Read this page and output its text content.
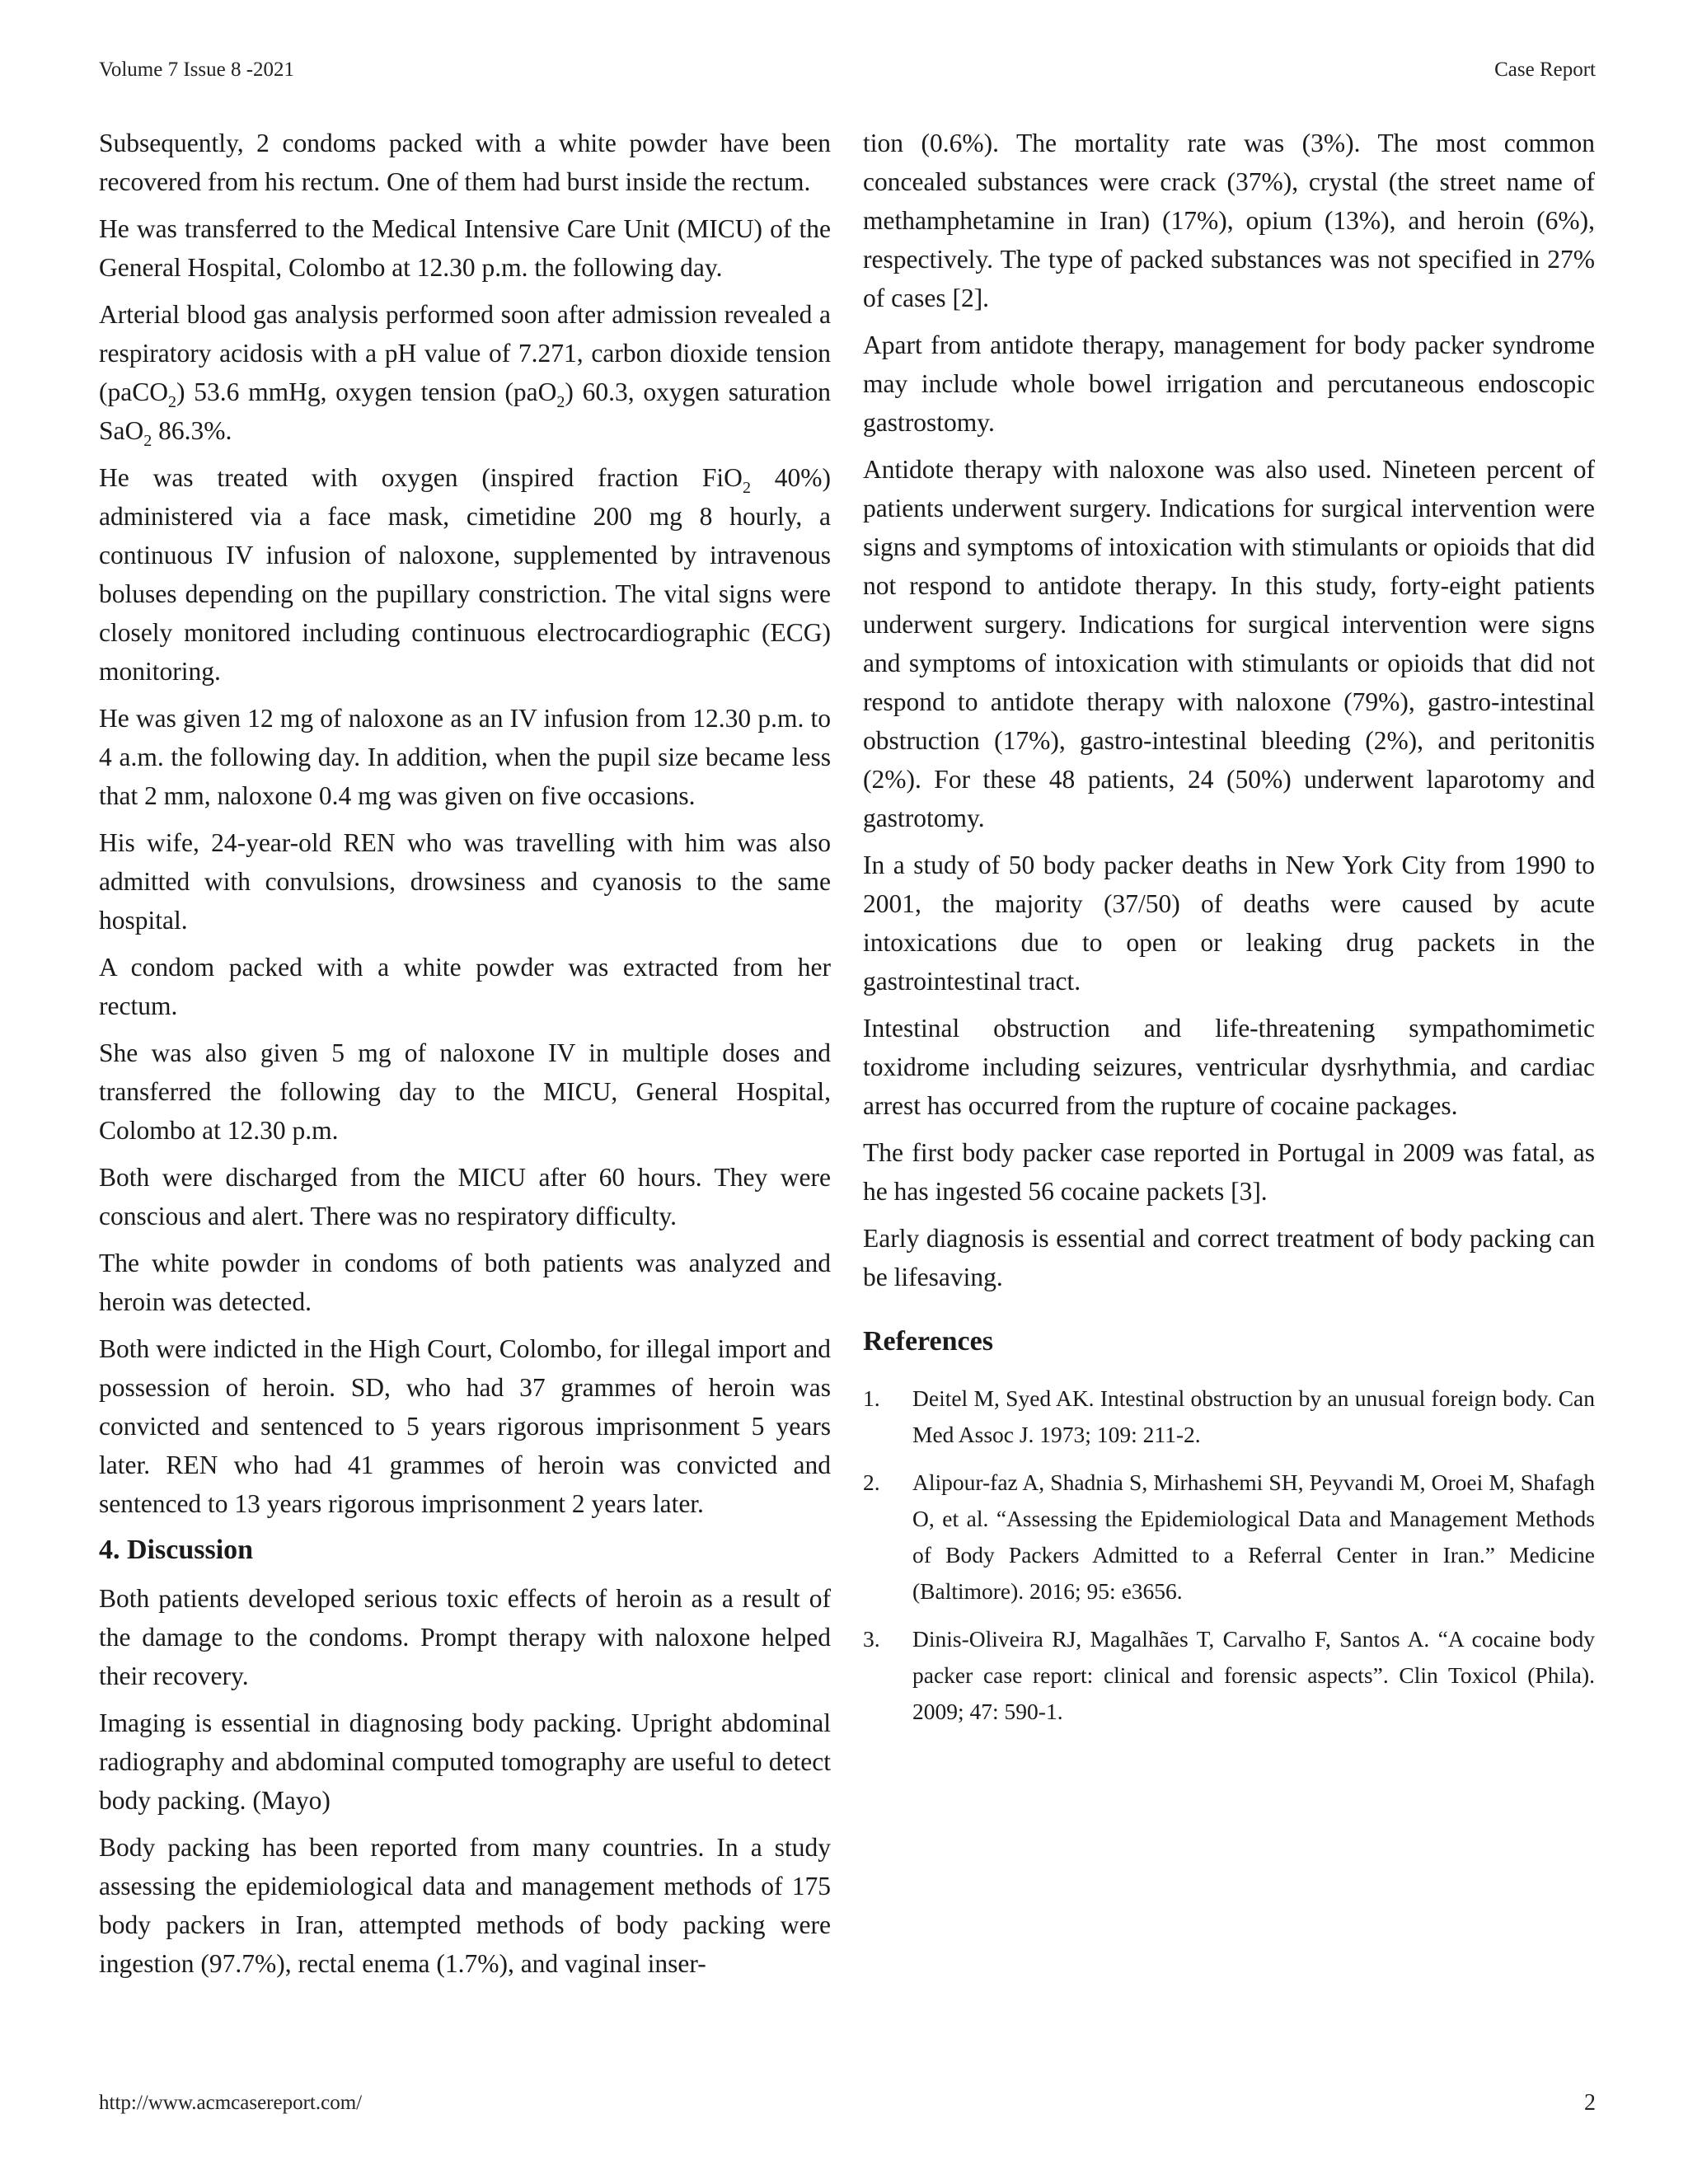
Volume 7 Issue 8 -2021	Case Report

Subsequently, 2 condoms packed with a white powder have been recovered from his rectum. One of them had burst inside the rectum.

He was transferred to the Medical Intensive Care Unit (MICU) of the General Hospital, Colombo at 12.30 p.m. the following day.

Arterial blood gas analysis performed soon after admission revealed a respiratory acidosis with a pH value of 7.271, carbon dioxide tension (paCO$_2$) 53.6 mmHg, oxygen tension (paO$_2$) 60.3, oxygen saturation SaO$_2$ 86.3%.

He was treated with oxygen (inspired fraction FiO$_2$ 40%) administered via a face mask, cimetidine 200 mg 8 hourly, a continuous IV infusion of naloxone, supplemented by intravenous boluses depending on the pupillary constriction. The vital signs were closely monitored including continuous electrocardiographic (ECG) monitoring.

He was given 12 mg of naloxone as an IV infusion from 12.30 p.m. to 4 a.m. the following day. In addition, when the pupil size became less that 2 mm, naloxone 0.4 mg was given on five occasions.

His wife, 24-year-old REN who was travelling with him was also admitted with convulsions, drowsiness and cyanosis to the same hospital.

A condom packed with a white powder was extracted from her rectum.

She was also given 5 mg of naloxone IV in multiple doses and transferred the following day to the MICU, General Hospital, Colombo at 12.30 p.m.

Both were discharged from the MICU after 60 hours. They were conscious and alert. There was no respiratory difficulty.

The white powder in condoms of both patients was analyzed and heroin was detected.

Both were indicted in the High Court, Colombo, for illegal import and possession of heroin. SD, who had 37 grammes of heroin was convicted and sentenced to 5 years rigorous imprisonment 5 years later. REN who had 41 grammes of heroin was convicted and sentenced to 13 years rigorous imprisonment 2 years later.

4. Discussion

Both patients developed serious toxic effects of heroin as a result of the damage to the condoms. Prompt therapy with naloxone helped their recovery.

Imaging is essential in diagnosing body packing. Upright abdominal radiography and abdominal computed tomography are useful to detect body packing. (Mayo)

Body packing has been reported from many countries. In a study assessing the epidemiological data and management methods of 175 body packers in Iran, attempted methods of body packing were ingestion (97.7%), rectal enema (1.7%), and vaginal inser-

tion (0.6%). The mortality rate was (3%). The most common concealed substances were crack (37%), crystal (the street name of methamphetamine in Iran) (17%), opium (13%), and heroin (6%), respectively. The type of packed substances was not specified in 27% of cases [2].

Apart from antidote therapy, management for body packer syndrome may include whole bowel irrigation and percutaneous endoscopic gastrostomy.

Antidote therapy with naloxone was also used. Nineteen percent of patients underwent surgery. Indications for surgical intervention were signs and symptoms of intoxication with stimulants or opioids that did not respond to antidote therapy. In this study, forty-eight patients underwent surgery. Indications for surgical intervention were signs and symptoms of intoxication with stimulants or opioids that did not respond to antidote therapy with naloxone (79%), gastro-intestinal obstruction (17%), gastro-intestinal bleeding (2%), and peritonitis (2%). For these 48 patients, 24 (50%) underwent laparotomy and gastrotomy.

In a study of 50 body packer deaths in New York City from 1990 to 2001, the majority (37/50) of deaths were caused by acute intoxications due to open or leaking drug packets in the gastrointestinal tract.

Intestinal obstruction and life-threatening sympathomimetic toxidrome including seizures, ventricular dysrhythmia, and cardiac arrest has occurred from the rupture of cocaine packages.

The first body packer case reported in Portugal in 2009 was fatal, as he has ingested 56 cocaine packets [3].

Early diagnosis is essential and correct treatment of body packing can be lifesaving.

References
1.	Deitel M, Syed AK. Intestinal obstruction by an unusual foreign body. Can Med Assoc J. 1973; 109: 211-2.
2.	Alipour-faz A, Shadnia S, Mirhashemi SH, Peyvandi M, Oroei M, Shafagh O, et al. “Assessing the Epidemiological Data and Management Methods of Body Packers Admitted to a Referral Center in Iran.” Medicine (Baltimore). 2016; 95: e3656.
3.	Dinis-Oliveira RJ, Magalhães T, Carvalho F, Santos A. “A cocaine body packer case report: clinical and forensic aspects”. Clin Toxicol (Phila). 2009; 47: 590-1.
http://www.acmcasereport.com/	2
